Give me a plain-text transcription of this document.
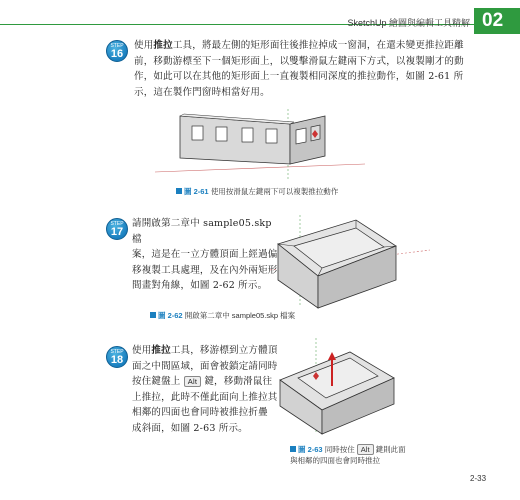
SketchUp 繪圖與編輯工具精解 02
STEP
16
使用推拉工具，將最左側的矩形面往後推拉掉成一窗洞，在還未變更推拉距離
前，移動游標至下一個矩形面上，以雙擊滑鼠左鍵兩下方式，以複製剛才的動
作，如此可以在其他的矩形面上一直複製相同深度的推拉動作，如圖 2-61 所
示，這在製作門窗時相當好用。
圖 2-61 使用按滑鼠左鍵兩下可以複製推拉動作
STEP
17
請開啟第二章中 sample05.skp 檔
案，這是在一立方體頂面上經過偏
移複製工具處理，及在內外兩矩形
間畫對角線，如圖 2-62 所示。
圖 2-62 開啟第二章中 sample05.skp 檔案
STEP
18
使用推拉工具，移游標到立方體頂
面之中間區域，面會被鎖定請同時
按住鍵盤上 Alt 鍵，移動滑鼠往
上推拉，此時不僅此面向上推拉其
相鄰的四面也會同時被推拉折疊
成斜面，如圖 2-63 所示。
圖 2-63 同時按住 Alt 鍵則此面
與相鄰的四面也會同時推拉
2-33
